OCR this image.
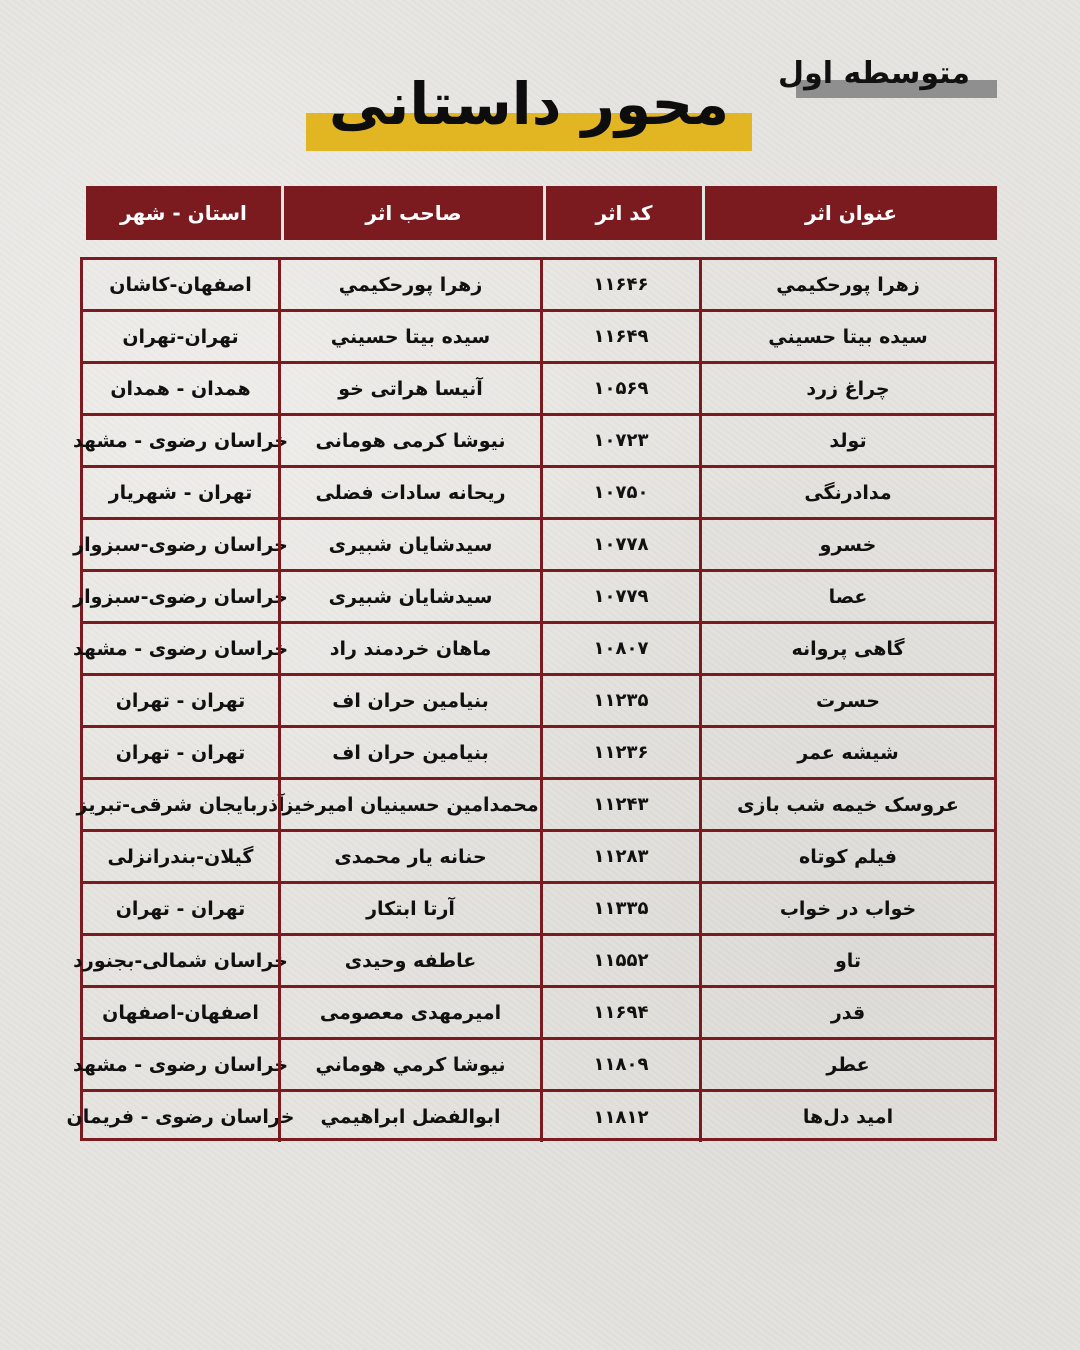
متوسطه اول
محور داستانی
عنوان اثر
کد اثر
صاحب اثر
استان - شهر
زهرا پورحکیمي
۱۱۶۴۶
زهرا پورحکیمي
اصفهان-کاشان
سیده بیتا حسیني
۱۱۶۴۹
سیده بیتا حسیني
تهران-تهران
چراغ زرد
۱۰۵۶۹
آنیسا هراتی خو
همدان - همدان
تولد
۱۰۷۲۳
نیوشا کرمی هومانی
خراسان رضوی - مشهد
مدادرنگی
۱۰۷۵۰
ریحانه سادات فضلی
تهران - شهریار
خسرو
۱۰۷۷۸
سیدشایان شبیری
خراسان رضوی-سبزوار
عصا
۱۰۷۷۹
سیدشایان شبیری
خراسان رضوی-سبزوار
گاهی پروانه
۱۰۸۰۷
ماهان خردمند راد
خراسان رضوی - مشهد
حسرت
۱۱۲۳۵
بنیامین حران اف
تهران - تهران
شیشه عمر
۱۱۲۳۶
بنیامین حران اف
تهران - تهران
عروسک خیمه شب بازی
۱۱۲۴۳
محمدامین حسینیان امیرخیز
آذربایجان شرقی-تبریز
فیلم کوتاه
۱۱۲۸۳
حنانه یار محمدی
گیلان-بندرانزلی
خواب در خواب
۱۱۳۳۵
آرتا ابتکار
تهران - تهران
تاو
۱۱۵۵۲
عاطفه وحیدی
خراسان شمالی-بجنورد
قدر
۱۱۶۹۴
امیرمهدی معصومی
اصفهان-اصفهان
عطر
۱۱۸۰۹
نیوشا کرمي هوماني
خراسان رضوی - مشهد
امید دل‌ها
۱۱۸۱۲
ابوالفضل ابراهیمي
خراسان رضوی - فریمان
